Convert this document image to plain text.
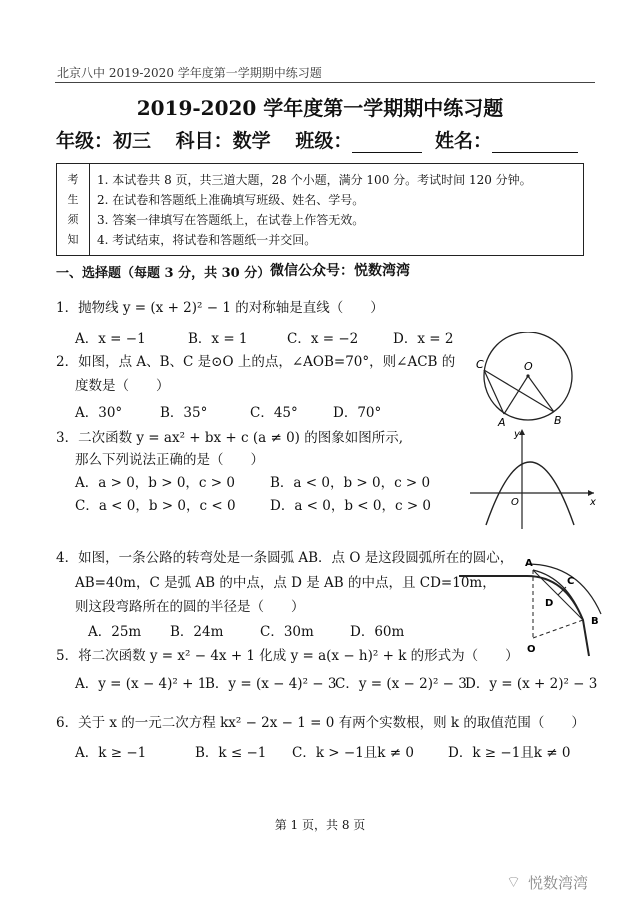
北京八中 2019-2020 学年度第一学期期中练习题
2019-2020 学年度第一学期期中练习题
年级：初三 科目：数学 班级：	姓名：
考
生
须
知
1. 本试卷共 8 页，共三道大题，28 个小题，满分 100 分。考试时间 120 分钟。
2. 在试卷和答题纸上准确填写班级、姓名、学号。
3. 答案一律填写在答题纸上，在试卷上作答无效。
4. 考试结束，将试卷和答题纸一并交回。
一、选择题（每题 3 分，共 30 分） 微信公众号：悦数湾湾
1．抛物线 y = (x + 2)² − 1 的对称轴是直线（　　）
A．x = −1	B．x = 1	C．x = −2	D．x = 2
2．如图，点 A、B、C 是⊙O 上的点，∠AOB=70°，则∠ACB 的
度数是（　　）
A．30°	B．35°	C．45°	D．70°
C	O
A	B
3．二次函数 y = ax² + bx + c (a ≠ 0) 的图象如图所示,
那么下列说法正确的是（　　）
A．a > 0，b > 0，c > 0	B．a < 0，b > 0，c > 0
C．a < 0，b > 0，c < 0	D．a < 0，b < 0，c > 0
y
O	x
4．如图，一条公路的转弯处是一条圆弧 AB．点 O 是这段圆弧所在的圆心，
AB=40m，C 是弧 AB 的中点，点 D 是 AB 的中点，且 CD=10m，
则这段弯路所在的圆的半径是（　　）
A．25m B．24m	C．30m	D．60m
A
C
D
B
O
5．将二次函数 y = x² − 4x + 1 化成 y = a(x − h)² + k 的形式为（　　）
A．y = (x − 4)² + 1
B．y = (x − 4)² − 3
C．y = (x − 2)² − 3
D．y = (x + 2)² − 3
6．关于 x 的一元二次方程 kx² − 2x − 1 = 0 有两个实数根，则 k 的取值范围（　　）
A．k ≥ −1	B．k ≤ −1 C．k > −1且k ≠ 0	D．k ≥ −1且k ≠ 0
第 1 页，共 8 页
⌔ 悦数湾湾
